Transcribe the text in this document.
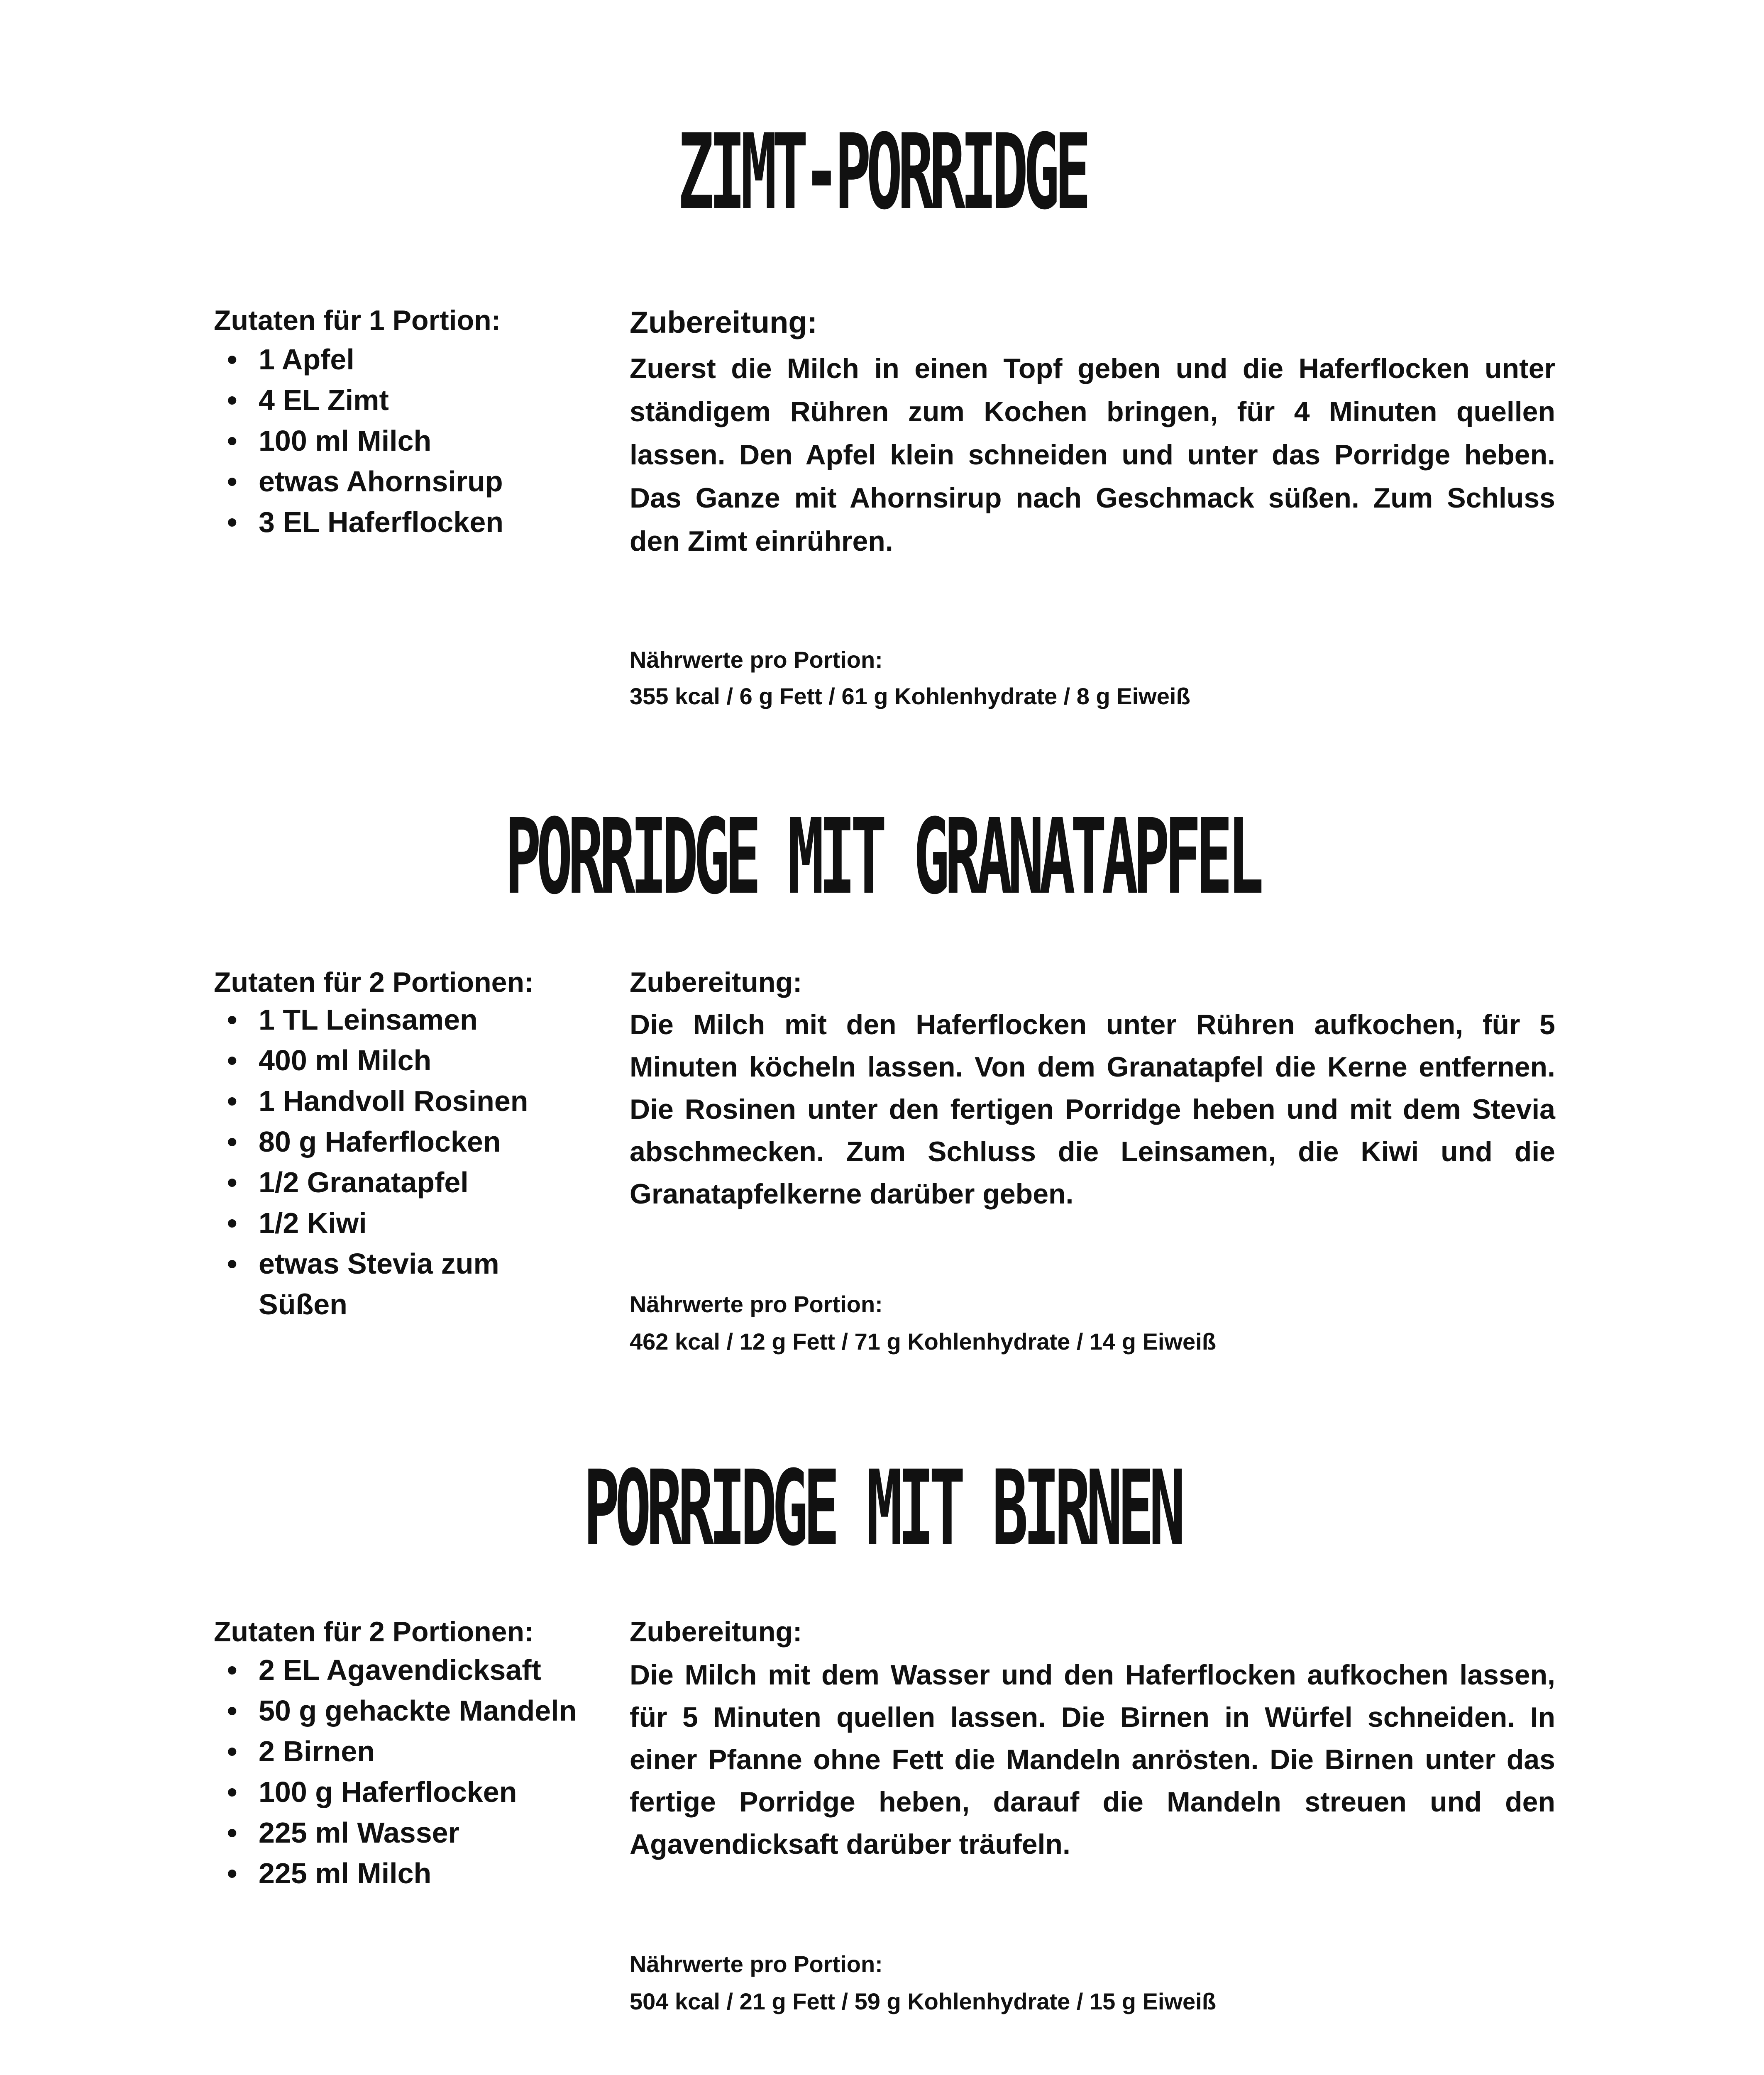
ZIMT-PORRIDGE
Zutaten für 1 Portion:
• 1 Apfel
• 4 EL Zimt
• 100 ml Milch
• etwas Ahornsirup
• 3 EL Haferflocken
Zubereitung:
Zuerst die Milch in einen Topf geben und die Haferflocken unter ständigem Rühren zum Kochen bringen, für 4 Minuten quellen lassen. Den Apfel klein schneiden und unter das Porridge heben. Das Ganze mit Ahornsirup nach Geschmack süßen. Zum Schluss den Zimt einrühren.
Nährwerte pro Portion:
355 kcal / 6 g Fett / 61 g Kohlenhydrate / 8 g Eiweiß
PORRIDGE MIT GRANATAPFEL
Zutaten für 2 Portionen:
• 1 TL Leinsamen
• 400 ml Milch
• 1 Handvoll Rosinen
• 80 g Haferflocken
• 1/2 Granatapfel
• 1/2 Kiwi
• etwas Stevia zum Süßen
Zubereitung:
Die Milch mit den Haferflocken unter Rühren aufkochen, für 5 Minuten köcheln lassen. Von dem Granatapfel die Kerne entfernen. Die Rosinen unter den fertigen Porridge heben und mit dem Stevia abschmecken. Zum Schluss die Leinsamen, die Kiwi und die Granatapfelkerne darüber geben.
Nährwerte pro Portion:
462 kcal / 12 g Fett / 71 g Kohlenhydrate / 14 g Eiweiß
PORRIDGE MIT BIRNEN
Zutaten für 2 Portionen:
• 2 EL Agavendicksaft
• 50 g gehackte Mandeln
• 2 Birnen
• 100 g Haferflocken
• 225 ml Wasser
• 225 ml Milch
Zubereitung:
Die Milch mit dem Wasser und den Haferflocken aufkochen lassen, für 5 Minuten quellen lassen. Die Birnen in Würfel schneiden. In einer Pfanne ohne Fett die Mandeln anrösten. Die Birnen unter das fertige Porridge heben, darauf die Mandeln streuen und den Agavendicksaft darüber träufeln.
Nährwerte pro Portion:
504 kcal / 21 g Fett / 59 g Kohlenhydrate / 15 g Eiweiß
